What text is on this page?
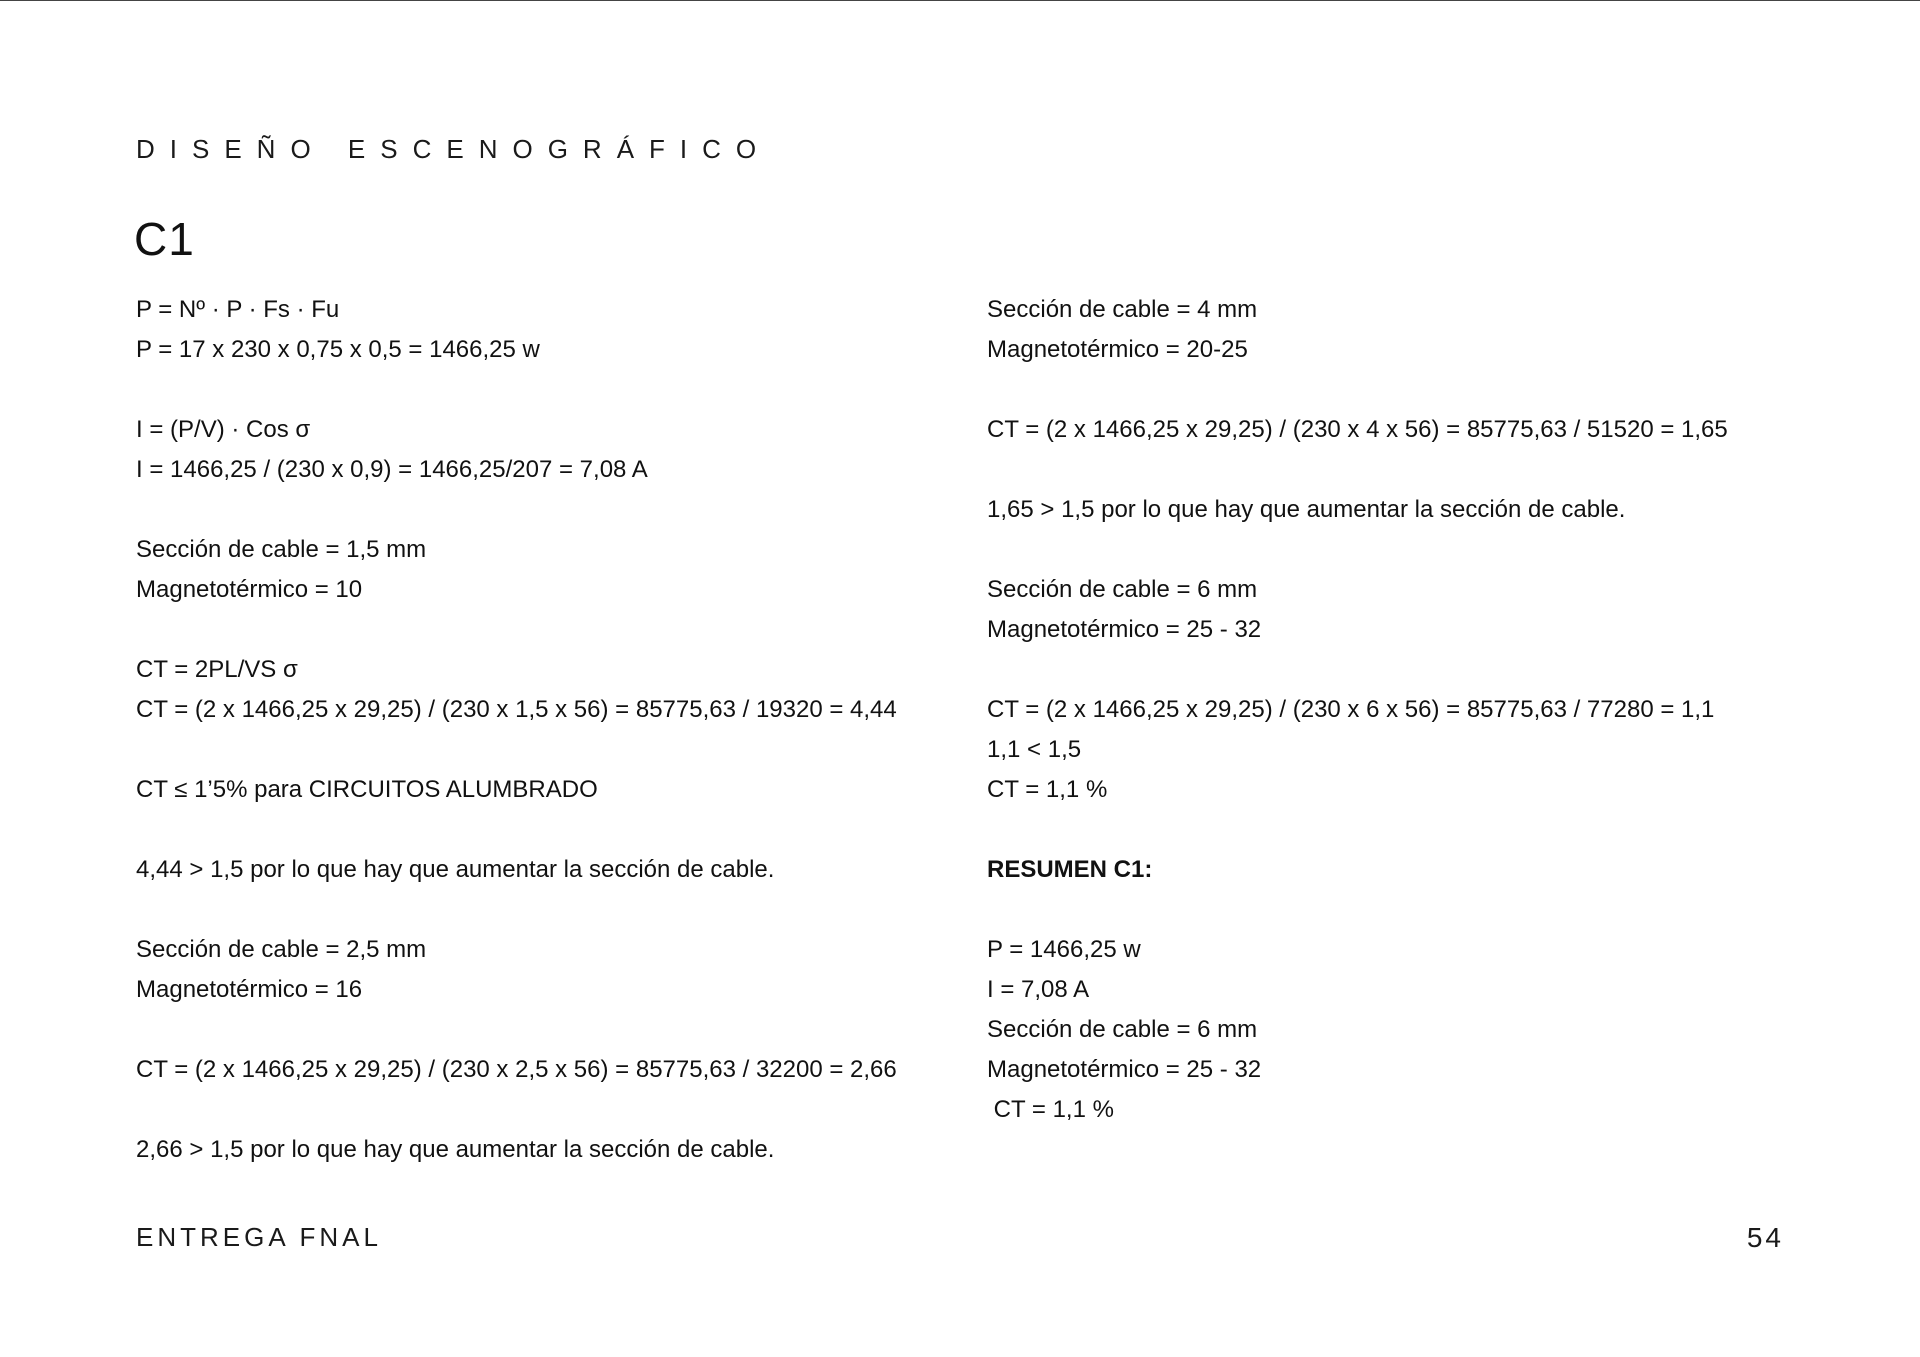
DISEÑO ESCENOGRÁFICO
C1
P = Nº · P · Fs · Fu
P = 17 x 230 x 0,75 x 0,5 = 1466,25 w
I = (P/V) · Cos σ
I = 1466,25 / (230 x 0,9) = 1466,25/207 = 7,08 A
Sección de cable = 1,5 mm
Magnetotérmico = 10
CT = 2PL/VS σ
CT = (2 x 1466,25 x 29,25) / (230 x 1,5 x 56) = 85775,63 / 19320 = 4,44
CT ≤ 1’5% para CIRCUITOS ALUMBRADO
4,44 > 1,5 por lo que hay que aumentar la sección de cable.
Sección de cable = 2,5 mm
Magnetotérmico = 16
CT = (2 x 1466,25 x 29,25) / (230 x 2,5 x 56) = 85775,63 / 32200 = 2,66
2,66 > 1,5 por lo que hay que aumentar la sección de cable.
Sección de cable = 4 mm
Magnetotérmico = 20-25
CT = (2 x 1466,25 x 29,25) / (230 x 4 x 56) = 85775,63 / 51520 = 1,65
1,65 > 1,5 por lo que hay que aumentar la sección de cable.
Sección de cable = 6 mm
Magnetotérmico = 25 - 32
CT = (2 x 1466,25 x 29,25) / (230 x 6 x 56) = 85775,63 / 77280 = 1,1
1,1 < 1,5
CT = 1,1 %
RESUMEN C1:
P = 1466,25 w
I = 7,08 A
Sección de cable = 6 mm
Magnetotérmico = 25 - 32
CT = 1,1 %
ENTREGA FNAL	54
